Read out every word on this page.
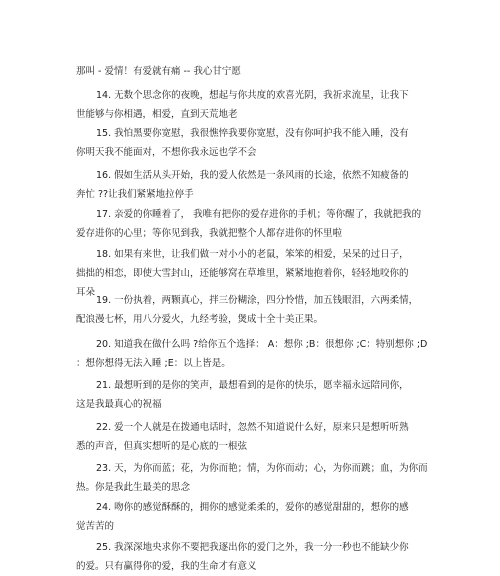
那叫 - 爱情！有爱就有痛 -- 我心甘宁愿
14. 无数个思念你的夜晚，想起与你共度的欢喜光阴，我祈求流星，让我下
世能够与你相遇，相爱，直到天荒地老
15. 我怕黑要你宽慰，我很憔悴我要你宽慰，没有你呵护我不能入睡，没有
你明天我不能面对，不想你我永远也学不会
16. 假如生活从头开始，我的爱人依然是一条风雨的长途，依然不知疲备的
奔忙 ??让我们紧紧地拉停手
17. 亲爱的你睡着了， 我唯有把你的爱存进你的手机；等你醒了，我就把我的
爱存进你的心里；等你见到我，我就把整个人都存进你的怀里啦
18. 如果有来世，让我们做一对小小的老鼠，笨笨的相爱，呆呆的过日子，
拙拙的相恋，即使大雪封山，还能够窝在草堆里，紧紧地抱着你，轻轻地咬你的
耳朵
19. 一份执着，两颗真心，拌三份糊涂，四分怜惜，加五钱眼泪，六两柔情，
配浪漫七杯，用八分爱火，九经考验，煲成十全十美正果。
20. 知道我在做什么吗 ?给你五个选择： A：想你 ;B：很想你 ;C：特别想你 ;D
：想你想得无法入睡 ;E：以上皆是。
21. 最想听到的是你的笑声，最想看到的是你的快乐，愿幸福永远陪同你，
这是我最真心的祝福
22. 爱一个人就是在拨通电话时，忽然不知道说什么好，原来只是想听听熟
悉的声音，但真实想听的是心底的一根弦
23. 天，为你而蓝；花，为你而艳；情，为你而动；心，为你而跳；血，为你而
热。你是我此生最美的思念
24. 吻你的感觉酥酥的，拥你的感觉柔柔的，爱你的感觉甜甜的，想你的感
觉苦苦的
25. 我深深地央求你不要把我逐出你的爱门之外，我一分一秒也不能缺少你
的爱。只有赢得你的爱，我的生命才有意义
